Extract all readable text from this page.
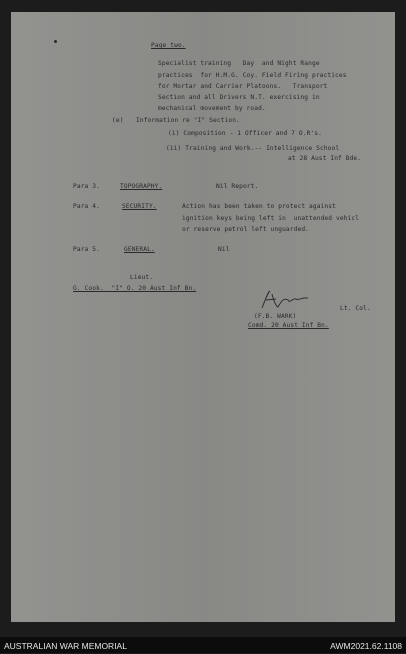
Page two.
Specialist training   Day  and Night Range
practices  for H.M.G. Coy. Field Firing practices
for Mortar and Carrier Platoons.   Transport
Section and all Drivers N.T. exercising in
mechanical movement by road.
(e) Information re "I" Section.
(i) Composition - 1 Officer and 7 O.R's.
(ii) Training and Work.-- Intelligence School
at 28 Aust Inf Bde.
Para 3.	TOPOGRAPHY.	Nil Report.
Para 4.	SECURITY.	Action has been taken to protect against
ignition keys being left in  unattended vehicl
or reserve petrol left unguarded.
Para 5.	GENERAL.	Nil
Lieut.
G. Cook.  "I" O. 20 Aust Inf Bn.
Lt. Col.
(F.B. WARK)
Comd. 20 Aust Inf Bn.
AUSTRALIAN WAR MEMORIAL	AWM2021.62.1108
